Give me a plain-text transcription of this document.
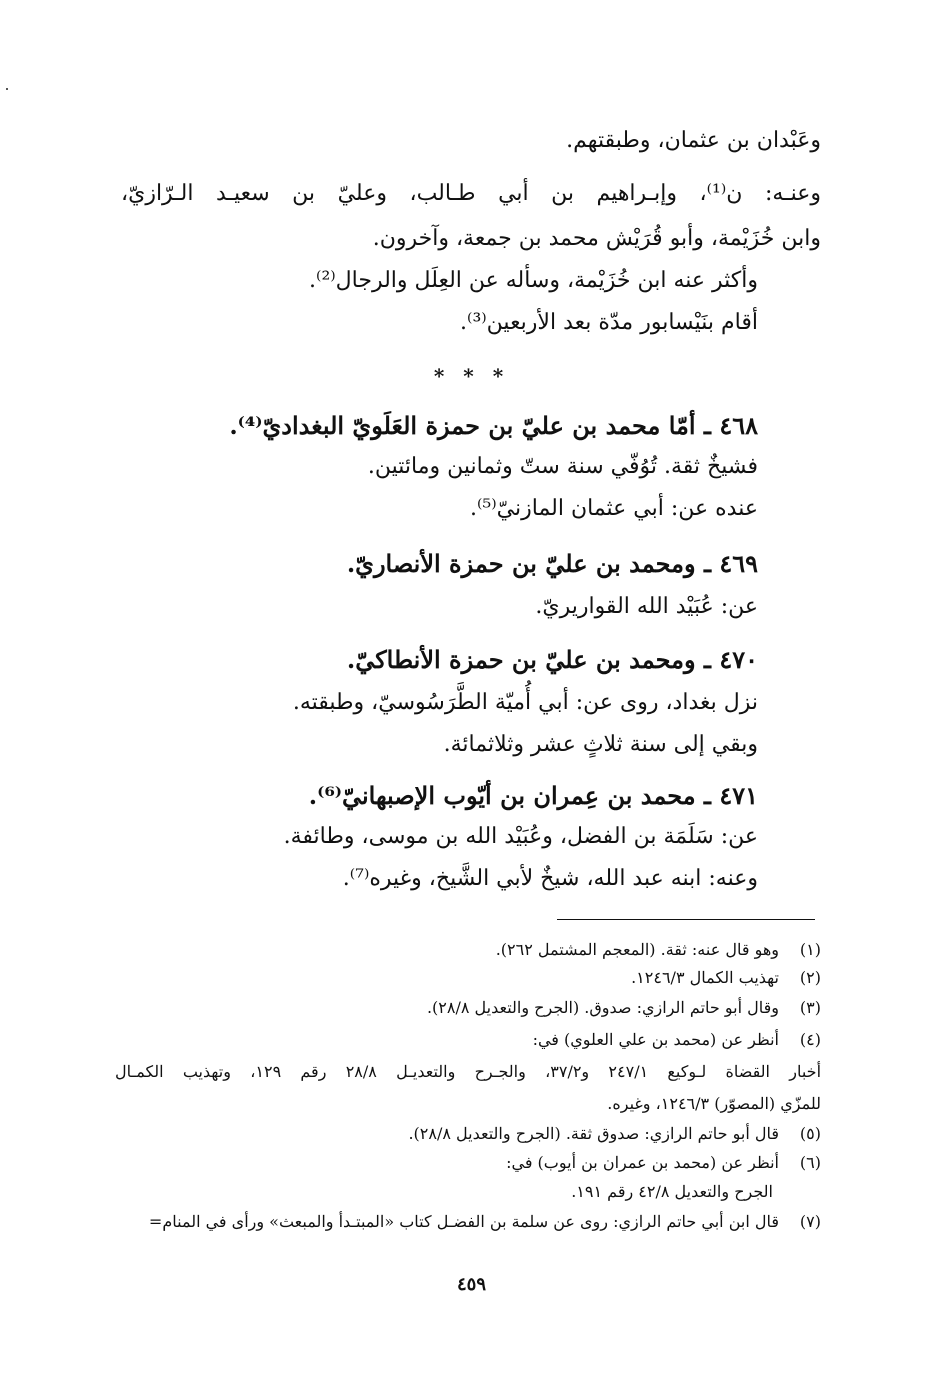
وعَبْدان بن عثمان، وطبقتهم.
وعنـه: ن⁽¹⁾، وإبـراهيم بن أبي طـالب، وعليّ بن سعيـد الـرّازيّ،
وابن خُزَيْمة، وأبو قُرَيْش محمد بن جمعة، وآخرون.
وأكثر عنه ابن خُزَيْمة، وسأله عن العِلَل والرجال⁽²⁾.
أقام بنَيْسابور مدّة بعد الأربعين⁽³⁾.
* * *
٤٦٨ ـ أمّا محمد بن عليّ بن حمزة العَلَويّ البغداديّ⁽⁴⁾.
فشيخٌ ثقة. تُوُفّي سنة ستّ وثمانين ومائتين.
عنده عن: أبي عثمان المازنيّ⁽⁵⁾.
٤٦٩ ـ ومحمد بن عليّ بن حمزة الأنصاريّ.
عن: عُبَيْد الله القواريريّ.
٤٧٠ ـ ومحمد بن عليّ بن حمزة الأنطاكيّ.
نزل بغداد، روى عن: أبي أُميّة الطَّرَسُوسيّ، وطبقته.
وبقي إلى سنة ثلاثٍ عشر وثلاثمائة.
٤٧١ ـ محمد بن عِمران بن أيّوب الإصبهانيّ⁽⁶⁾.
عن: سَلَمَة بن الفضل، وعُبَيْد الله بن موسى، وطائفة.
وعنه: ابنه عبد الله، شيخٌ لأبي الشَّيخ، وغيره⁽⁷⁾.
(١)وهو قال عنه: ثقة. (المعجم المشتمل ٢٦٢).
(٢)تهذيب الكمال ١٢٤٦/٣.
(٣)وقال أبو حاتم الرازي: صدوق. (الجرح والتعديل ٢٨/٨).
(٤)أنظر عن (محمد بن علي العلوي) في:
أخبار القضاة لـوكيع ٢٤٧/١ و٣٧/٢، والجـرح والتعديـل ٢٨/٨ رقم ١٢٩، وتهذيب الكمـال
للمزّي (المصوّر) ١٢٤٦/٣، وغيره.
(٥)قال أبو حاتم الرازي: صدوق ثقة. (الجرح والتعديل ٢٨/٨).
(٦)أنظر عن (محمد بن عمران بن أيوب) في:
الجرح والتعديل ٤٢/٨ رقم ١٩١.
(٧)قال ابن أبي حاتم الرازي: روى عن سلمة بن الفضـل كتاب «المبتـدأ والمبعث» ورأى في المنام=
٤٥٩
